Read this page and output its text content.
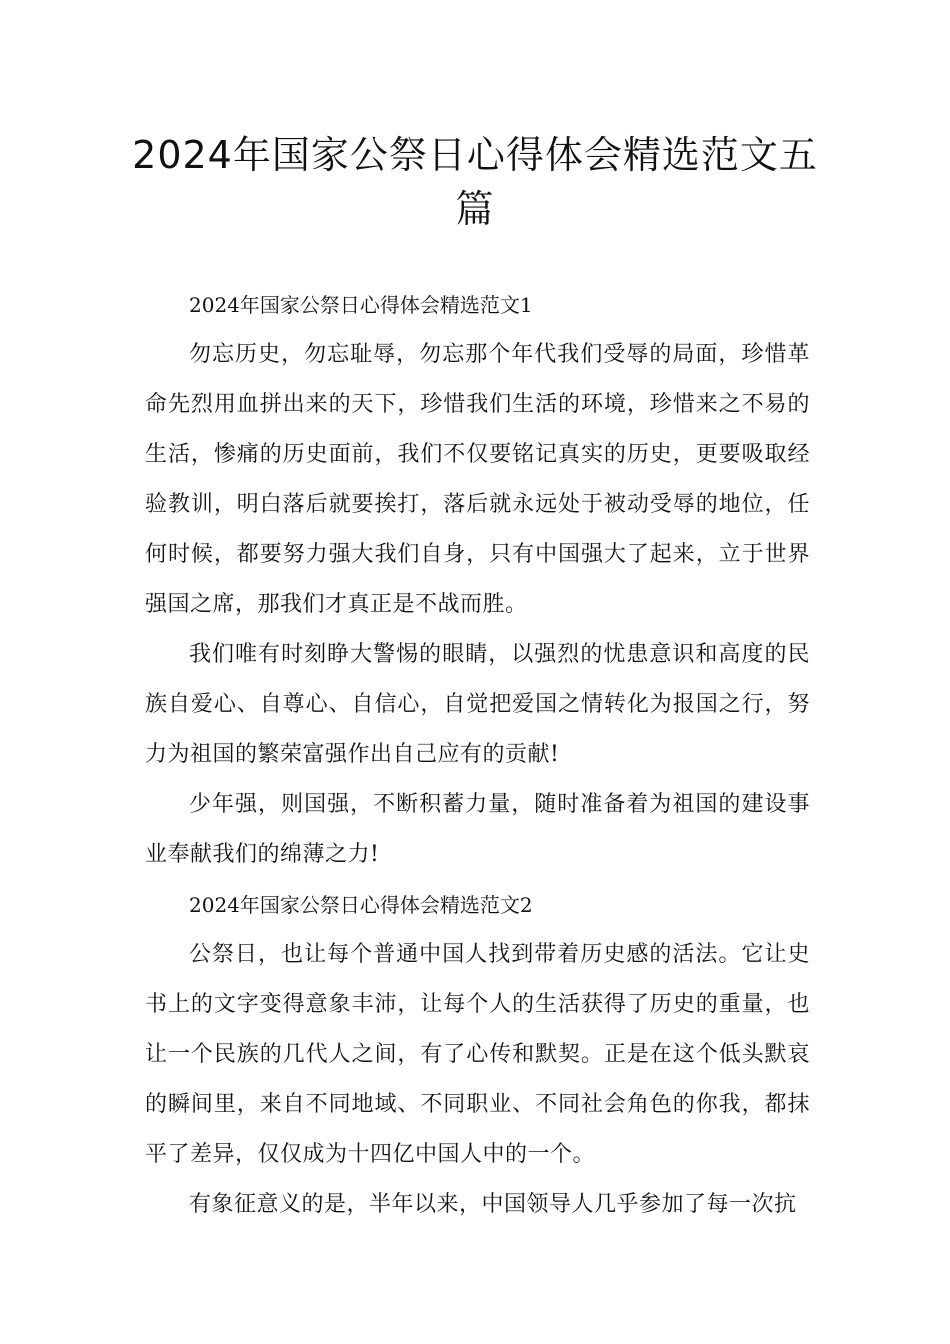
2024年国家公祭日心得体会精选范文五篇

2024年国家公祭日心得体会精选范文1

勿忘历史，勿忘耻辱，勿忘那个年代我们受辱的局面，珍惜革命先烈用血拼出来的天下，珍惜我们生活的环境，珍惜来之不易的生活，惨痛的历史面前，我们不仅要铭记真实的历史，更要吸取经验教训，明白落后就要挨打，落后就永远处于被动受辱的地位，任何时候，都要努力强大我们自身，只有中国强大了起来，立于世界强国之席，那我们才真正是不战而胜。

我们唯有时刻睁大警惕的眼睛，以强烈的忧患意识和高度的民族自爱心、自尊心、自信心，自觉把爱国之情转化为报国之行，努力为祖国的繁荣富强作出自己应有的贡献!

少年强，则国强，不断积蓄力量，随时准备着为祖国的建设事业奉献我们的绵薄之力!

2024年国家公祭日心得体会精选范文2

公祭日，也让每个普通中国人找到带着历史感的活法。它让史书上的文字变得意象丰沛，让每个人的生活获得了历史的重量，也让一个民族的几代人之间，有了心传和默契。正是在这个低头默哀的瞬间里，来自不同地域、不同职业、不同社会角色的你我，都抹平了差异，仅仅成为十四亿中国人中的一个。

有象征意义的是，半年以来，中国领导人几乎参加了每一次抗
